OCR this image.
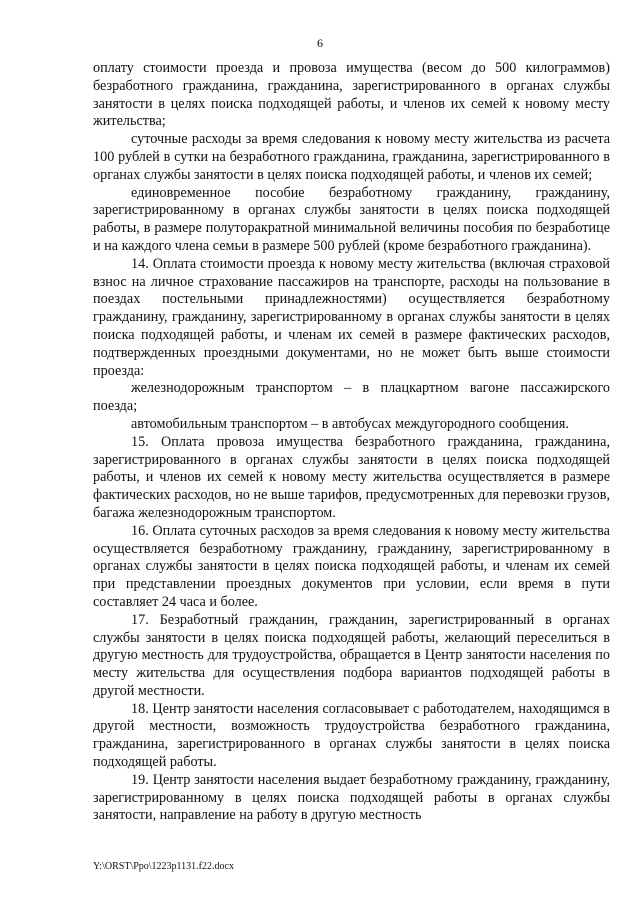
6

оплату стоимости проезда и провоза имущества (весом до 500 килограммов) безработного гражданина, гражданина, зарегистрированного в органах службы занятости в целях поиска подходящей работы, и членов их семей к новому месту жительства;

суточные расходы за время следования к новому месту жительства из расчета 100 рублей в сутки на безработного гражданина, гражданина, зарегистрированного в органах службы занятости в целях поиска подходящей работы, и членов их семей;

единовременное пособие безработному гражданину, гражданину, зарегистрированному в органах службы занятости в целях поиска подходящей работы, в размере полуторакратной минимальной величины пособия по безработице и на каждого члена семьи в размере 500 рублей (кроме безработного гражданина).

14. Оплата стоимости проезда к новому месту жительства (включая страховой взнос на личное страхование пассажиров на транспорте, расходы на пользование в поездах постельными принадлежностями) осуществляется безработному гражданину, гражданину, зарегистрированному в органах службы занятости в целях поиска подходящей работы, и членам их семей в размере фактических расходов, подтвержденных проездными документами, но не может быть выше стоимости проезда:

железнодорожным транспортом – в плацкартном вагоне пассажирского поезда;

автомобильным транспортом – в автобусах междугородного сообщения.

15. Оплата провоза имущества безработного гражданина, гражданина, зарегистрированного в органах службы занятости в целях поиска подходящей работы, и членов их семей к новому месту жительства осуществляется в размере фактических расходов, но не выше тарифов, предусмотренных для перевозки грузов, багажа железнодорожным транспортом.

16. Оплата суточных расходов за время следования к новому месту жительства осуществляется безработному гражданину, гражданину, зарегистрированному в органах службы занятости в целях поиска подходящей работы, и членам их семей при представлении проездных документов при условии, если время в пути составляет 24 часа и более.

17. Безработный гражданин, гражданин, зарегистрированный в органах службы занятости в целях поиска подходящей работы, желающий переселиться в другую местность для трудоустройства, обращается в Центр занятости населения по месту жительства для осуществления подбора вариантов подходящей работы в другой местности.

18. Центр занятости населения согласовывает с работодателем, находящимся в другой местности, возможность трудоустройства безработного гражданина, гражданина, зарегистрированного в органах службы занятости в целях поиска подходящей работы.

19. Центр занятости населения выдает безработному гражданину, гражданину, зарегистрированному в целях поиска подходящей работы в органах службы занятости, направление на работу в другую местность

Y:\ORST\Ppo\1223p1131.f22.docx
